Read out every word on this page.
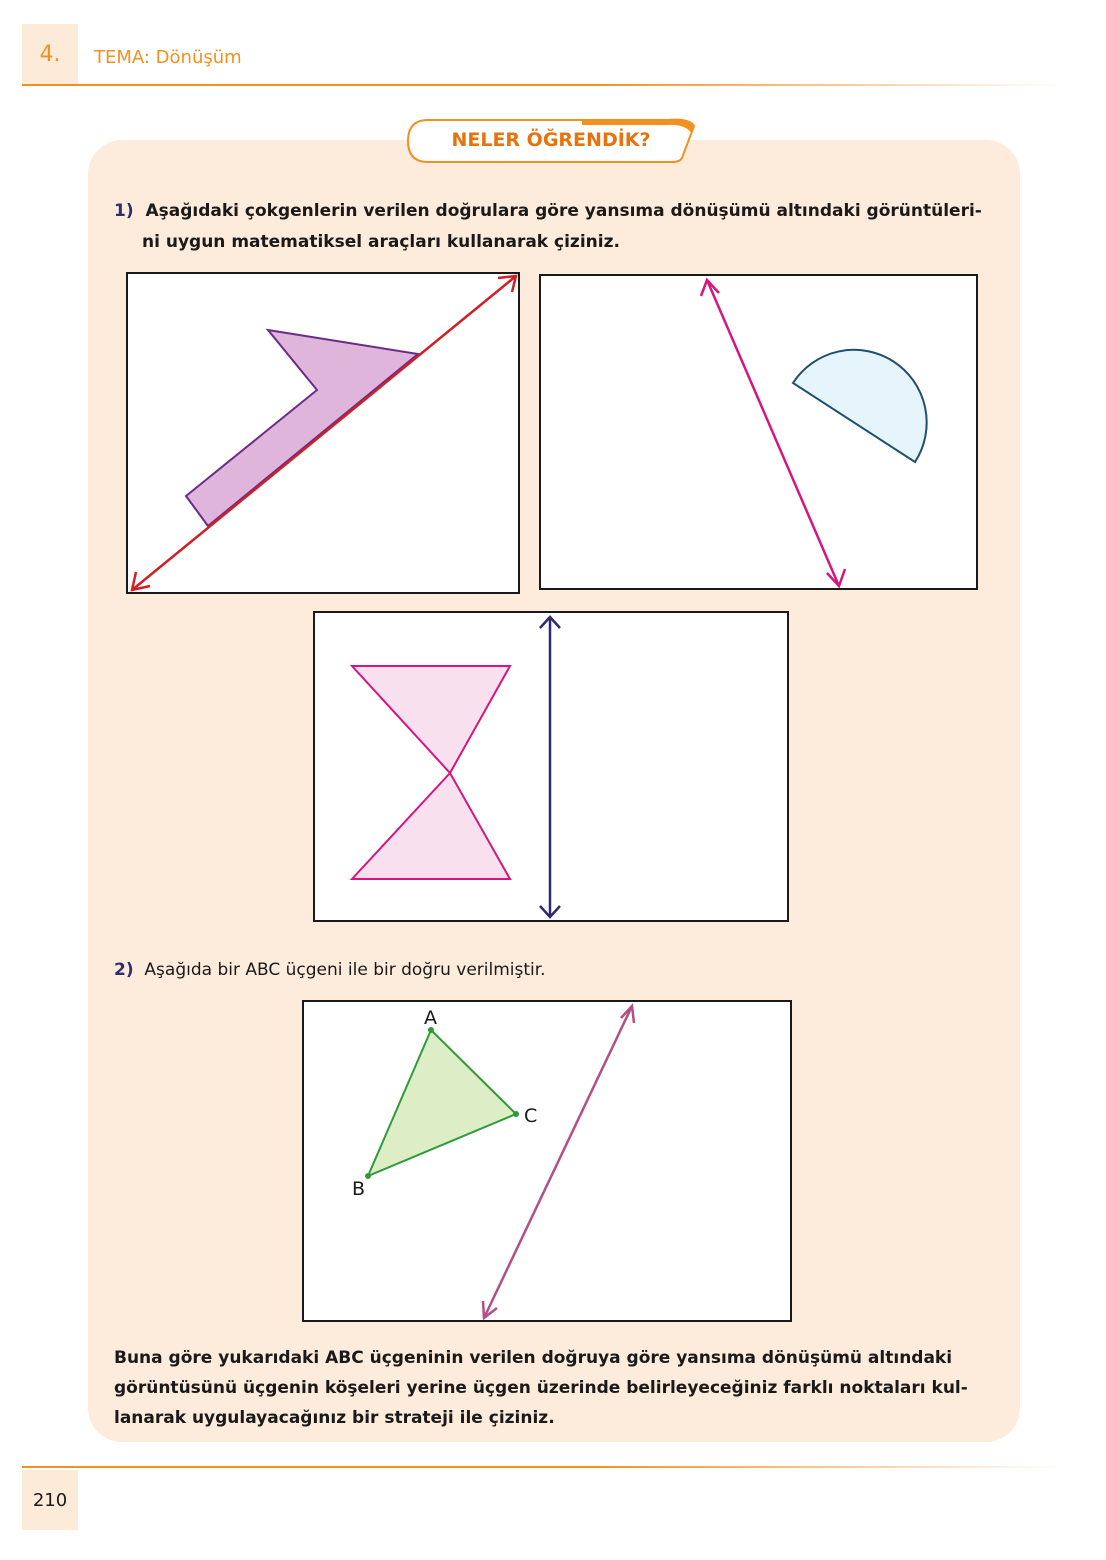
4.	TEMA: Dönüşüm
NELER ÖĞRENDİK?
1) Aşağıdaki çokgenlerin verilen doğrulara göre yansıma dönüşümü altındaki görüntüleri-
ni uygun matematiksel araçları kullanarak çiziniz.
2) Aşağıda bir ABC üçgeni ile bir doğru verilmiştir.
A
B
C
Buna göre yukarıdaki ABC üçgeninin verilen doğruya göre yansıma dönüşümü altındaki
görüntüsünü üçgenin köşeleri yerine üçgen üzerinde belirleyeceğiniz farklı noktaları kul-
lanarak uygulayacağınız bir strateji ile çiziniz.
210
